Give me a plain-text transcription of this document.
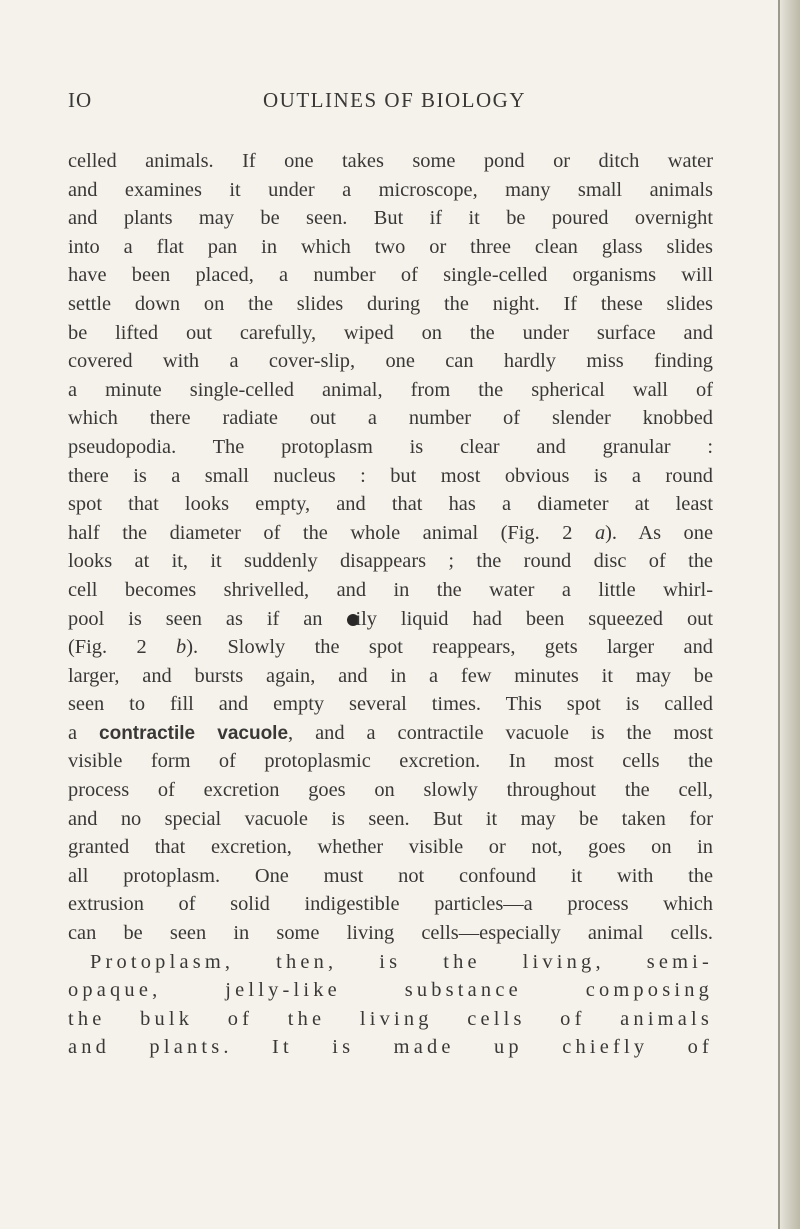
IO	OUTLINES OF BIOLOGY
celled animals. If one takes some pond or ditch water
and examines it under a microscope, many small animals
and plants may be seen. But if it be poured overnight
into a flat pan in which two or three clean glass slides
have been placed, a number of single-celled organisms will
settle down on the slides during the night. If these slides
be lifted out carefully, wiped on the under surface and
covered with a cover-slip, one can hardly miss finding
a minute single-celled animal, from the spherical wall of
which there radiate out a number of slender knobbed
pseudopodia. The protoplasm is clear and granular :
there is a small nucleus : but most obvious is a round
spot that looks empty, and that has a diameter at least
half the diameter of the whole animal (Fig. 2 a). As one
looks at it, it suddenly disappears ; the round disc of the
cell becomes shrivelled, and in the water a little whirl-
pool is seen as if an ily liquid had been squeezed out
(Fig. 2 b). Slowly the spot reappears, gets larger and
larger, and bursts again, and in a few minutes it may be
seen to fill and empty several times. This spot is called
a contractile vacuole, and a contractile vacuole is the most
visible form of protoplasmic excretion. In most cells the
process of excretion goes on slowly throughout the cell,
and no special vacuole is seen. But it may be taken for
granted that excretion, whether visible or not, goes on in
all protoplasm. One must not confound it with the
extrusion of solid indigestible particles—a process which
can be seen in some living cells—especially animal cells.
Protoplasm, then, is the living, semi-
opaque, jelly-like substance composing
the bulk of the living cells of animals
and plants. It is made up chiefly of
